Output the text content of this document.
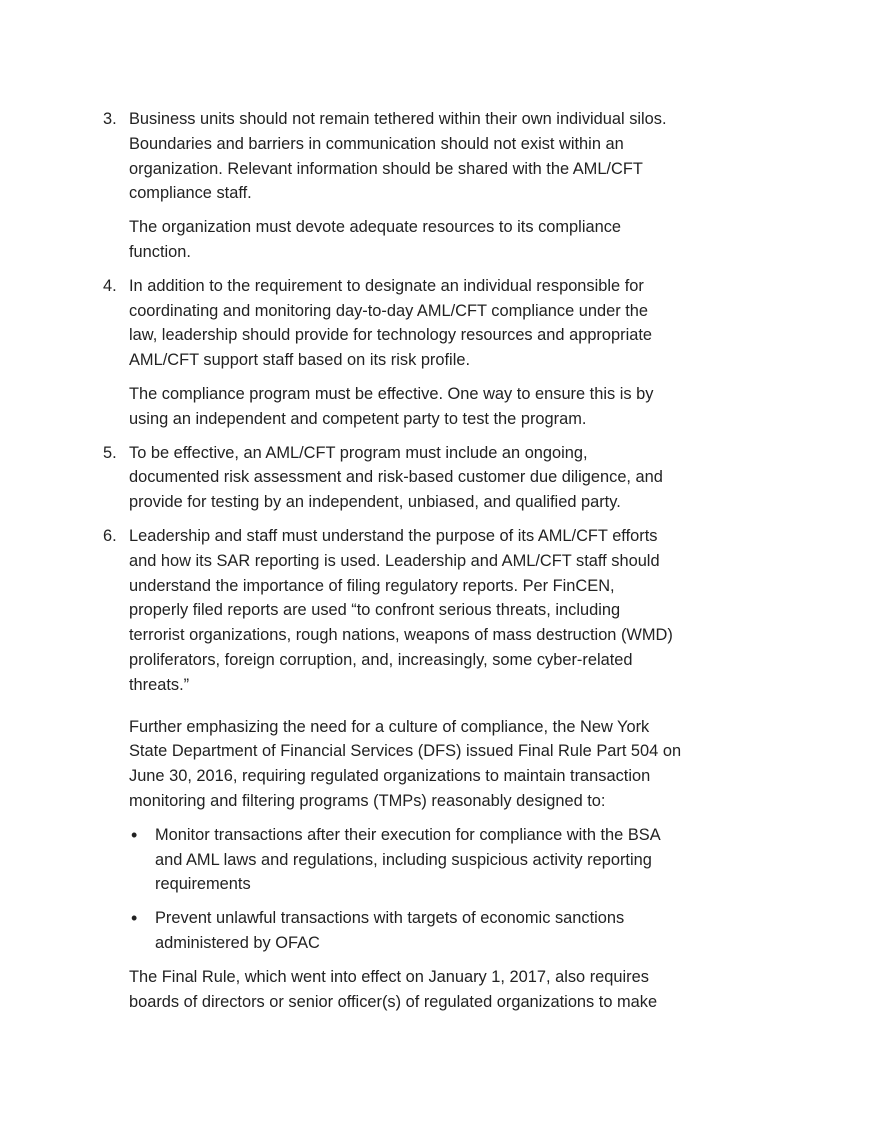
3. Business units should not remain tethered within their own individual silos.
Boundaries and barriers in communication should not exist within an
organization. Relevant information should be shared with the AML/CFT
compliance staff.
The organization must devote adequate resources to its compliance
function.
4. In addition to the requirement to designate an individual responsible for
coordinating and monitoring day-to-day AML/CFT compliance under the
law, leadership should provide for technology resources and appropriate
AML/CFT support staff based on its risk profile.
The compliance program must be effective. One way to ensure this is by
using an independent and competent party to test the program.
5. To be effective, an AML/CFT program must include an ongoing,
documented risk assessment and risk-based customer due diligence, and
provide for testing by an independent, unbiased, and qualified party.
6. Leadership and staff must understand the purpose of its AML/CFT efforts
and how its SAR reporting is used. Leadership and AML/CFT staff should
understand the importance of filing regulatory reports. Per FinCEN,
properly filed reports are used “to confront serious threats, including
terrorist organizations, rough nations, weapons of mass destruction (WMD)
proliferators, foreign corruption, and, increasingly, some cyber-related
threats.”
Further emphasizing the need for a culture of compliance, the New York
State Department of Financial Services (DFS) issued Final Rule Part 504 on
June 30, 2016, requiring regulated organizations to maintain transaction
monitoring and filtering programs (TMPs) reasonably designed to:
•	Monitor transactions after their execution for compliance with the BSA
and AML laws and regulations, including suspicious activity reporting
requirements
•	Prevent unlawful transactions with targets of economic sanctions
administered by OFAC
The Final Rule, which went into effect on January 1, 2017, also requires
boards of directors or senior officer(s) of regulated organizations to make
